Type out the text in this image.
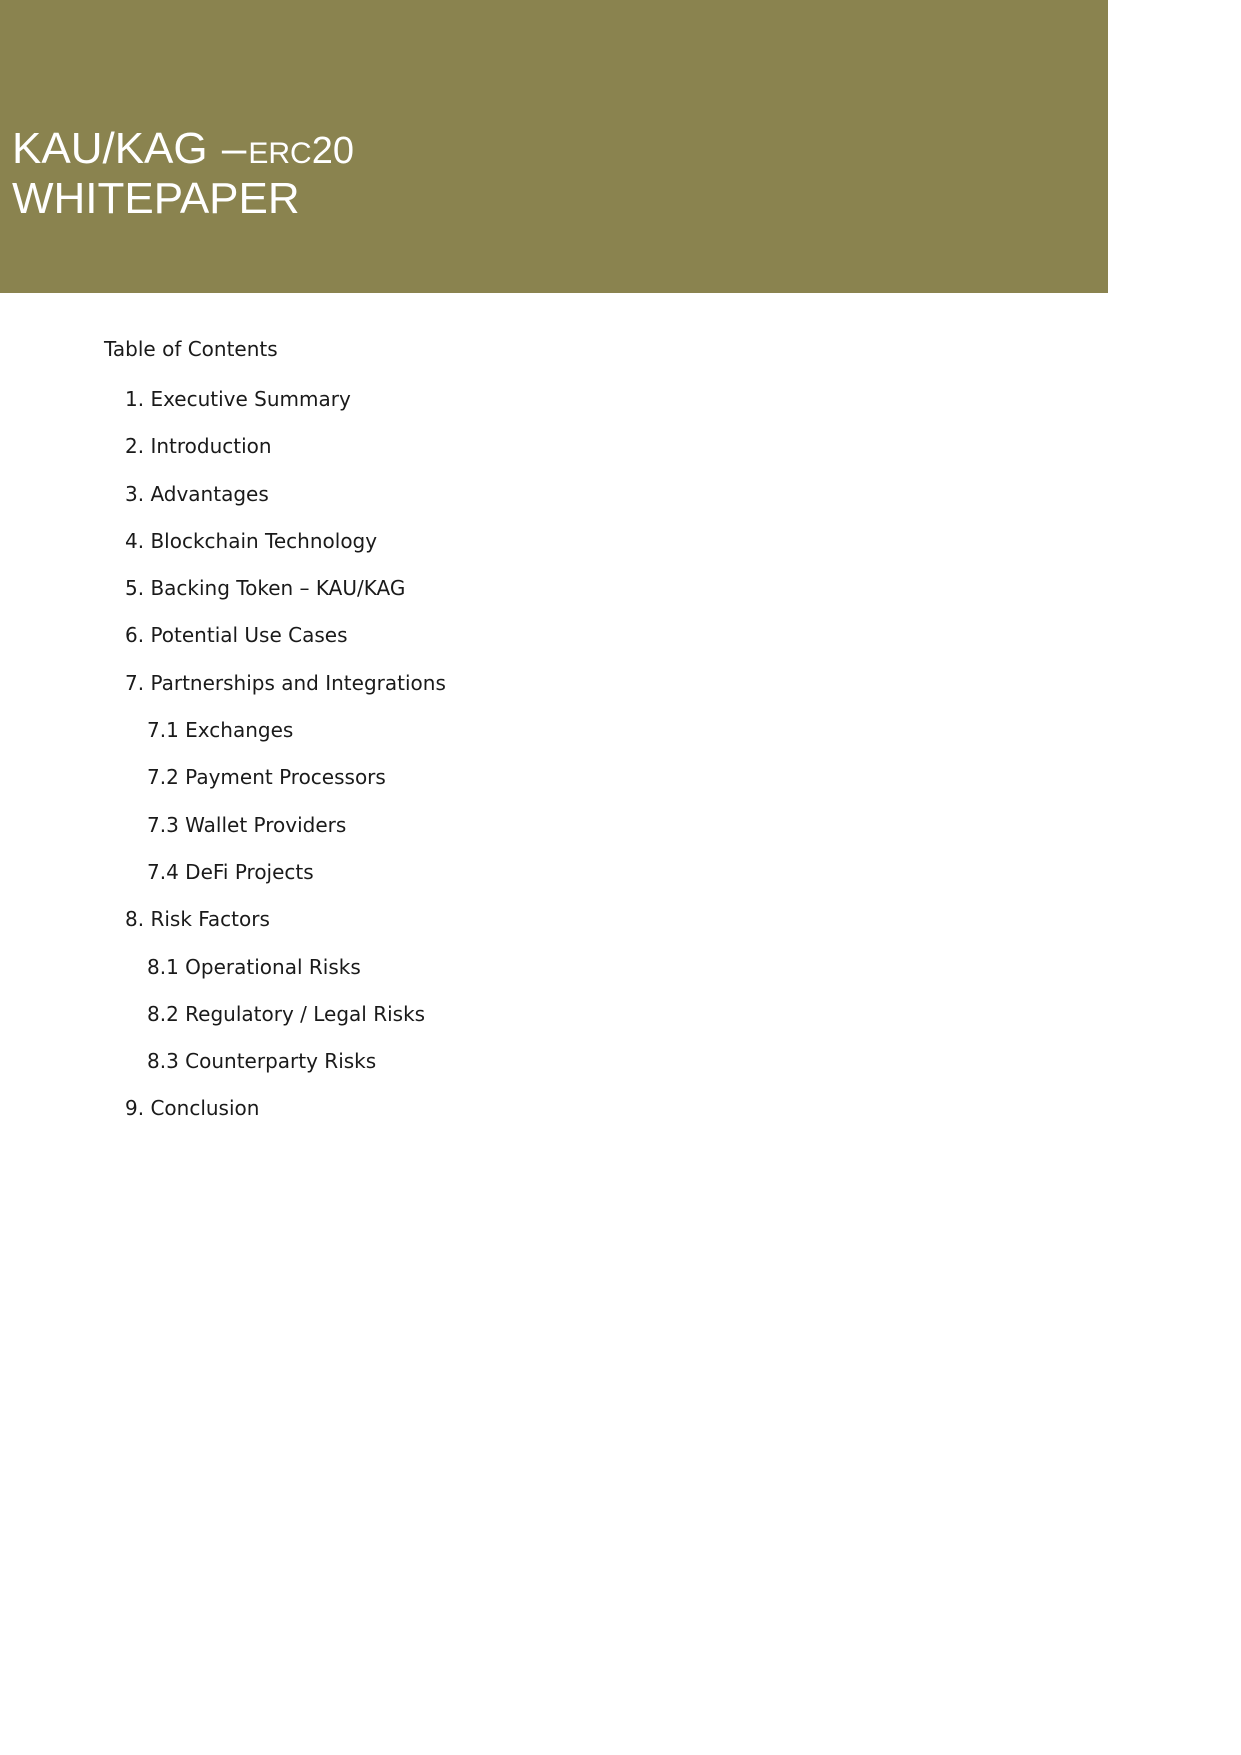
KAU/KAG –ERC20
WHITEPAPER
Table of Contents
1. Executive Summary
2. Introduction
3. Advantages
4. Blockchain Technology
5. Backing Token – KAU/KAG
6. Potential Use Cases
7. Partnerships and Integrations
7.1 Exchanges
7.2 Payment Processors
7.3 Wallet Providers
7.4 DeFi Projects
8. Risk Factors
8.1 Operational Risks
8.2 Regulatory / Legal Risks
8.3 Counterparty Risks
9. Conclusion
